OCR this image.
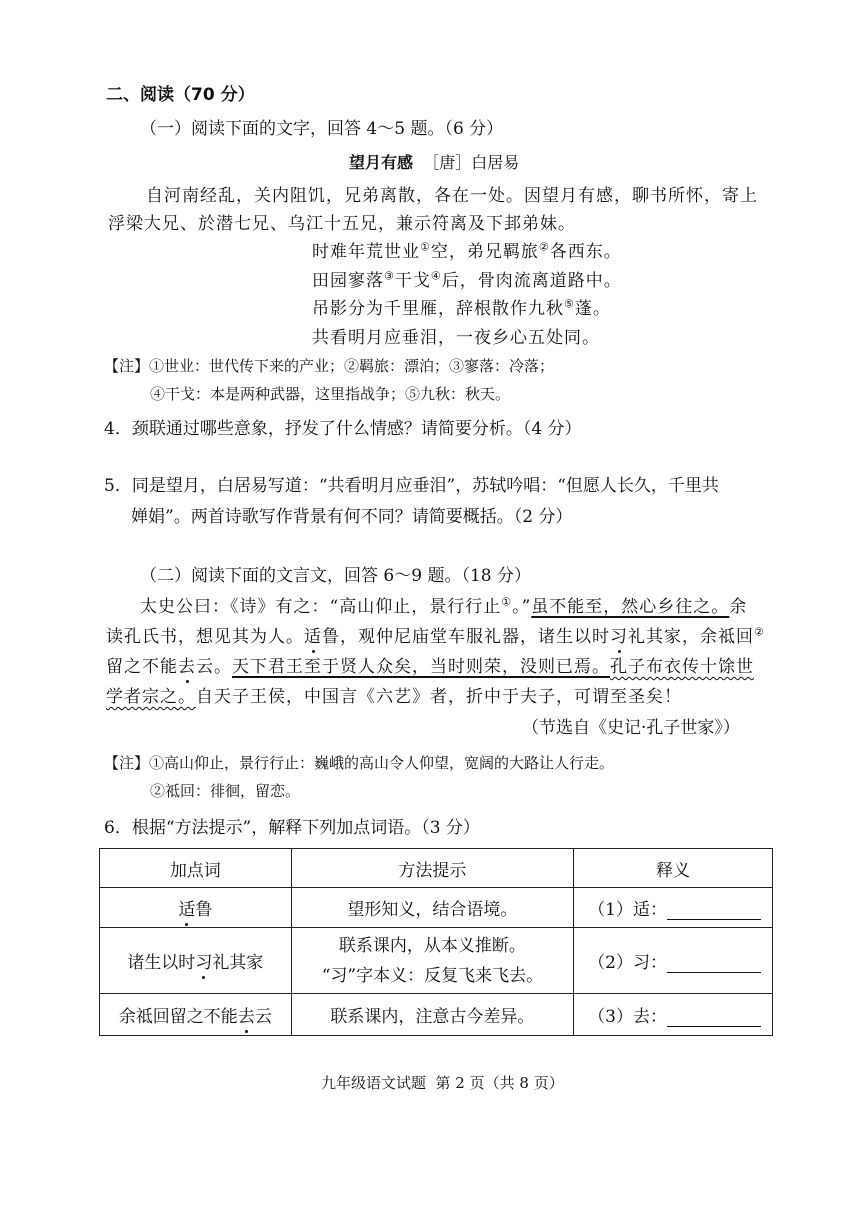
二、阅读（70 分）
（一）阅读下面的文字，回答 4～5 题。（6 分）
望月有感 ［唐］白居易
自河南经乱，关内阻饥，兄弟离散，各在一处。因望月有感，聊书所怀，寄上
浮梁大兄、於潜七兄、乌江十五兄，兼示符离及下邽弟妹。
时难年荒世业①空，弟兄羁旅②各西东。
田园寥落③干戈④后，骨肉流离道路中。
吊影分为千里雁，辞根散作九秋⑤蓬。
共看明月应垂泪，一夜乡心五处同。
【注】①世业：世代传下来的产业；②羁旅：漂泊；③寥落：冷落；
④干戈：本是两种武器，这里指战争；⑤九秋：秋天。
4．颈联通过哪些意象，抒发了什么情感？请简要分析。（4 分）
5．同是望月，白居易写道：“共看明月应垂泪”，苏轼吟唱：“但愿人长久，千里共
婵娟”。两首诗歌写作背景有何不同？请简要概括。（2 分）
（二）阅读下面的文言文，回答 6～9 题。（18 分）
太史公曰：《诗》有之：“高山仰止，景行行止①。”虽不能至，然心乡往之。余
读孔氏书，想见其为人。适鲁，观仲尼庙堂车服礼器，诸生以时习礼其家，余祗回②
留之不能去云。天下君王至于贤人众矣，当时则荣，没则已焉。孔子布衣传十馀世
学者宗之。自天子王侯，中国言《六艺》者，折中于夫子，可谓至圣矣！
（节选自《史记·孔子世家》）
【注】①高山仰止，景行行止：巍峨的高山令人仰望，宽阔的大路让人行走。
②祗回：徘徊，留恋。
6．根据“方法提示”，解释下列加点词语。（3 分）
加点词	方法提示	释义
适鲁	望形知义，结合语境。	（1）适：
诸生以时习礼其家	联系课内，从本义推断。
“习”字本义：反复飞来飞去。	（2）习：
余祗回留之不能去云	联系课内，注意古今差异。	（3）去：
九年级语文试题  第 2 页（共 8 页）
